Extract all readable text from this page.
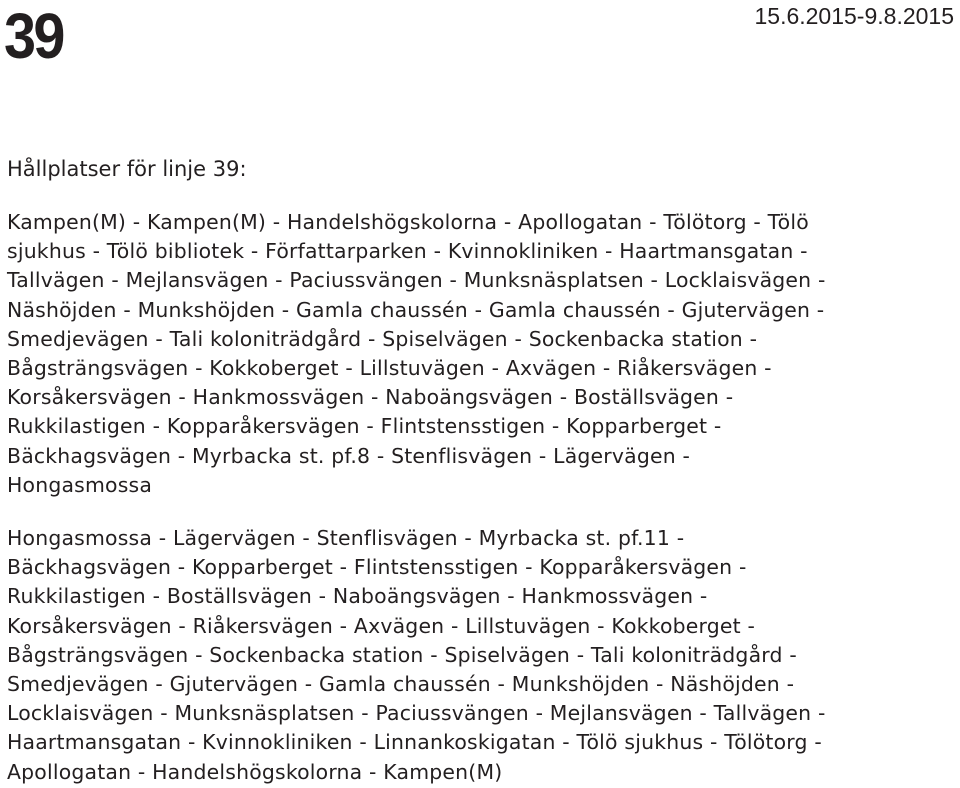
39	15.6.2015-9.8.2015
Hållplatser för linje 39:

Kampen(M) - Kampen(M) - Handelshögskolorna - Apollogatan - Tölötorg - Tölö
sjukhus - Tölö bibliotek - Författarparken - Kvinnokliniken - Haartmansgatan -
Tallvägen - Mejlansvägen - Paciussvängen - Munksnäsplatsen - Locklaisvägen -
Näshöjden - Munkshöjden - Gamla chaussén - Gamla chaussén - Gjutervägen -
Smedjevägen - Tali koloniträdgård - Spiselvägen - Sockenbacka station -
Bågsträngsvägen - Kokkoberget - Lillstuvägen - Axvägen - Riåkersvägen -
Korsåkersvägen - Hankmossvägen - Naboängsvägen - Boställsvägen -
Rukkilastigen - Kopparåkersvägen - Flintstensstigen - Kopparberget -
Bäckhagsvägen - Myrbacka st. pf.8 - Stenflisvägen - Lägervägen -
Hongasmossa

Hongasmossa - Lägervägen - Stenflisvägen - Myrbacka st. pf.11 -
Bäckhagsvägen - Kopparberget - Flintstensstigen - Kopparåkersvägen -
Rukkilastigen - Boställsvägen - Naboängsvägen - Hankmossvägen -
Korsåkersvägen - Riåkersvägen - Axvägen - Lillstuvägen - Kokkoberget -
Bågsträngsvägen - Sockenbacka station - Spiselvägen - Tali koloniträdgård -
Smedjevägen - Gjutervägen - Gamla chaussén - Munkshöjden - Näshöjden -
Locklaisvägen - Munksnäsplatsen - Paciussvängen - Mejlansvägen - Tallvägen -
Haartmansgatan - Kvinnokliniken - Linnankoskigatan - Tölö sjukhus - Tölötorg -
Apollogatan - Handelshögskolorna - Kampen(M)
